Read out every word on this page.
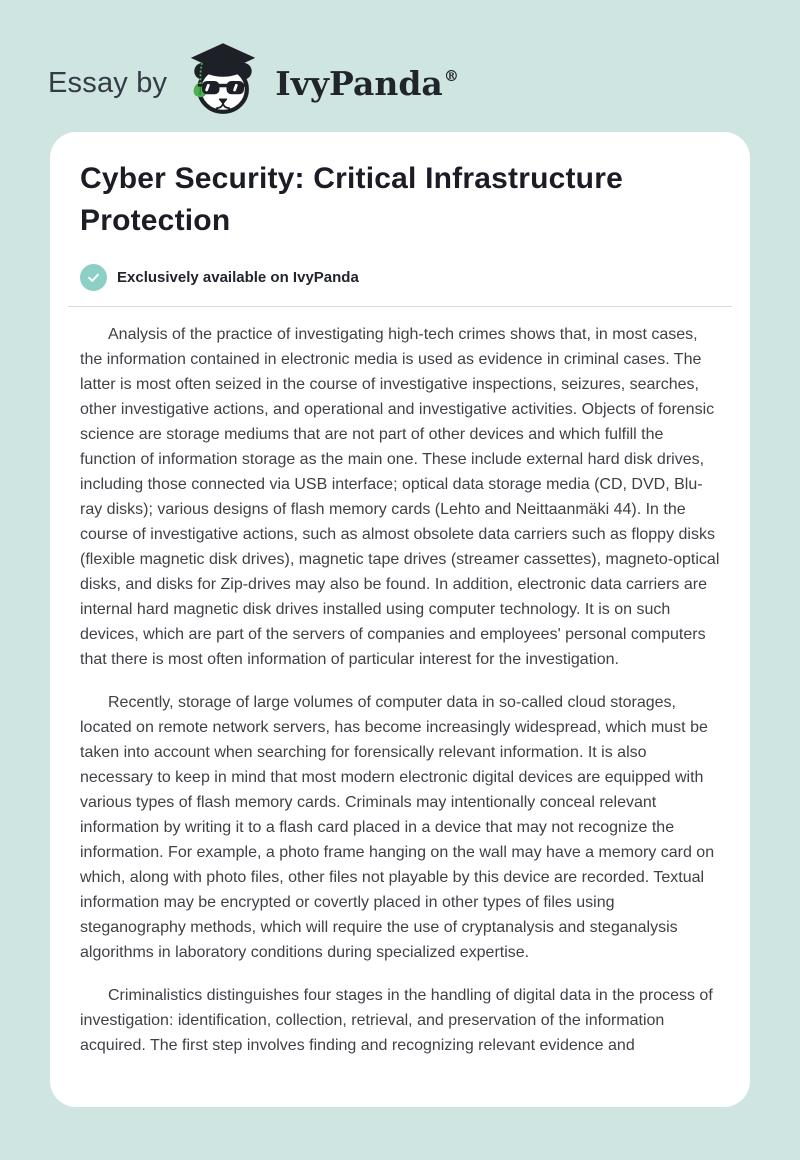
Essay by	IvyPanda®
Cyber Security: Critical Infrastructure Protection
Exclusively available on IvyPanda

Analysis of the practice of investigating high-tech crimes shows that, in most cases, the information contained in electronic media is used as evidence in criminal cases. The latter is most often seized in the course of investigative inspections, seizures, searches, other investigative actions, and operational and investigative activities. Objects of forensic science are storage mediums that are not part of other devices and which fulfill the function of information storage as the main one. These include external hard disk drives, including those connected via USB interface; optical data storage media (CD, DVD, Blu-ray disks); various designs of flash memory cards (Lehto and Neittaanmäki 44). In the course of investigative actions, such as almost obsolete data carriers such as floppy disks (flexible magnetic disk drives), magnetic tape drives (streamer cassettes), magneto-optical disks, and disks for Zip-drives may also be found. In addition, electronic data carriers are internal hard magnetic disk drives installed using computer technology. It is on such devices, which are part of the servers of companies and employees' personal computers that there is most often information of particular interest for the investigation.

Recently, storage of large volumes of computer data in so-called cloud storages, located on remote network servers, has become increasingly widespread, which must be taken into account when searching for forensically relevant information. It is also necessary to keep in mind that most modern electronic digital devices are equipped with various types of flash memory cards. Criminals may intentionally conceal relevant information by writing it to a flash card placed in a device that may not recognize the information. For example, a photo frame hanging on the wall may have a memory card on which, along with photo files, other files not playable by this device are recorded. Textual information may be encrypted or covertly placed in other types of files using steganography methods, which will require the use of cryptanalysis and steganalysis algorithms in laboratory conditions during specialized expertise.

Criminalistics distinguishes four stages in the handling of digital data in the process of investigation: identification, collection, retrieval, and preservation of the information acquired. The first step involves finding and recognizing relevant evidence and
